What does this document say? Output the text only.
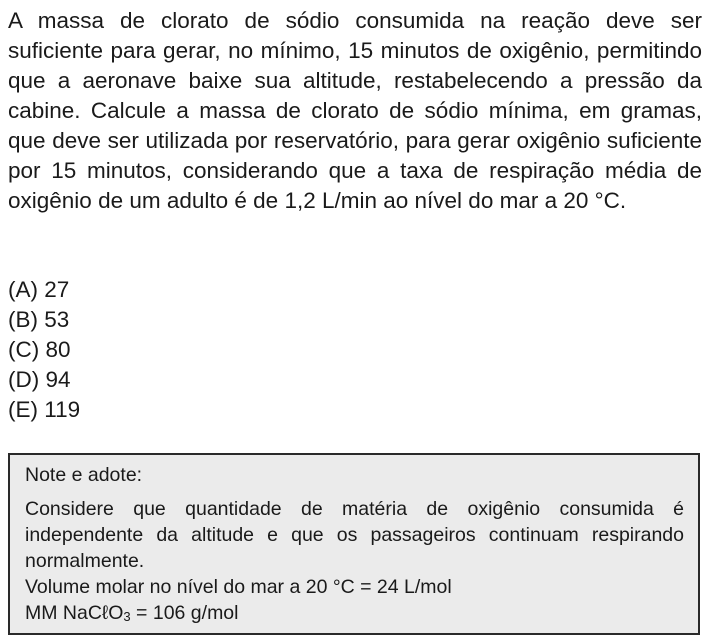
A massa de clorato de sódio consumida na reação deve ser suficiente para gerar, no mínimo, 15 minutos de oxigênio, permitindo que a aeronave baixe sua altitude, restabelecendo a pressão da cabine. Calcule a massa de clorato de sódio mínima, em gramas, que deve ser utilizada por reservatório, para gerar oxigênio suficiente por 15 minutos, considerando que a taxa de respiração média de oxigênio de um adulto é de 1,2 L/min ao nível do mar a 20 °C.

(A) 27
(B) 53
(C) 80
(D) 94
(E) 119

Note e adote:

Considere que quantidade de matéria de oxigênio consumida é independente da altitude e que os passageiros continuam respirando normalmente.

Volume molar no nível do mar a 20 °C = 24 L/mol

MM NaCℓO$_3$ = 106 g/mol
